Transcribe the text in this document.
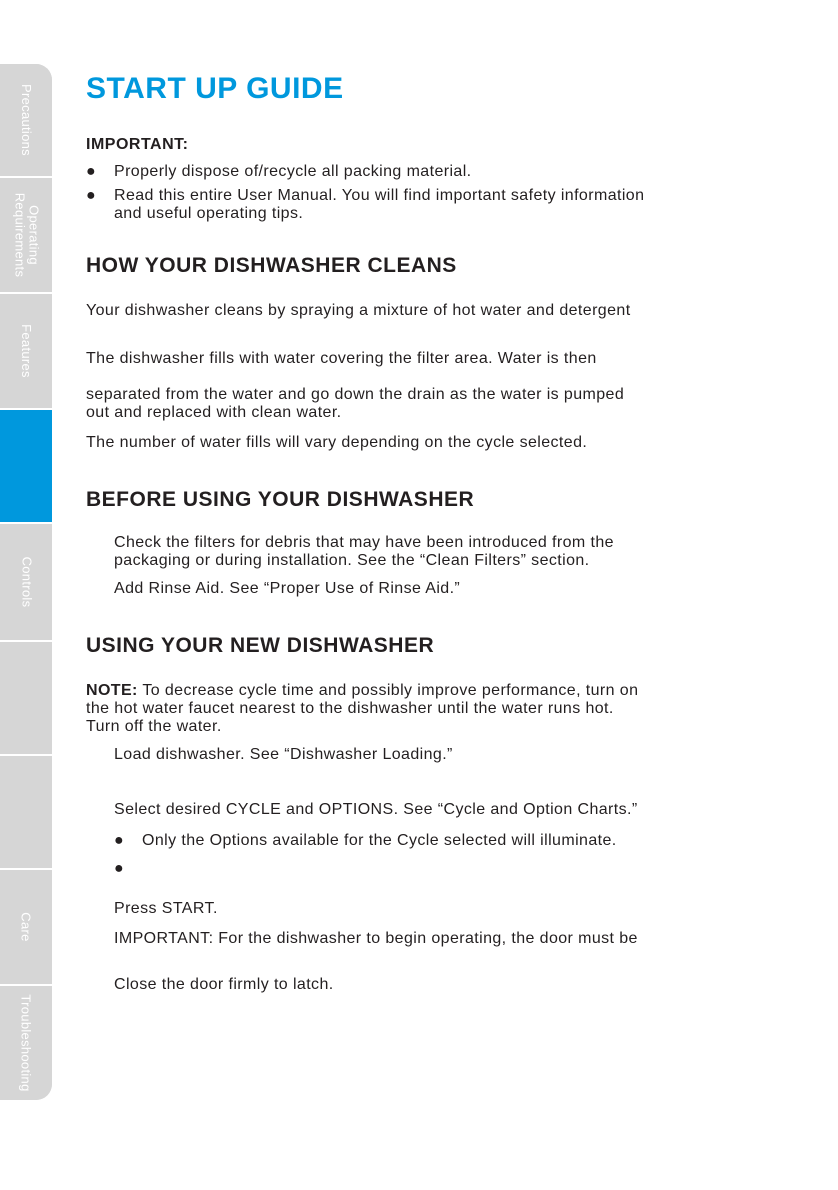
Precautions
Operating Requirements
Features
Controls
Care
Troubleshooting
START UP GUIDE
IMPORTANT:
● Properly dispose of/recycle all packing material.
● Read this entire User Manual. You will find important safety information
and useful operating tips.
HOW YOUR DISHWASHER CLEANS
Your dishwasher cleans by spraying a mixture of hot water and detergent
The dishwasher fills with water covering the filter area. Water is then
separated from the water and go down the drain as the water is pumped
out and replaced with clean water.
The number of water fills will vary depending on the cycle selected.
BEFORE USING YOUR DISHWASHER
Check the filters for debris that may have been introduced from the
packaging or during installation. See the “Clean Filters” section.
Add Rinse Aid. See “Proper Use of Rinse Aid.”
USING YOUR NEW DISHWASHER
NOTE: To decrease cycle time and possibly improve performance, turn on
the hot water faucet nearest to the dishwasher until the water runs hot.
Turn off the water.
Load dishwasher. See “Dishwasher Loading.”
Select desired CYCLE and OPTIONS. See “Cycle and Option Charts.”
● Only the Options available for the Cycle selected will illuminate.
●
Press START.
IMPORTANT: For the dishwasher to begin operating, the door must be
Close the door firmly to latch.
